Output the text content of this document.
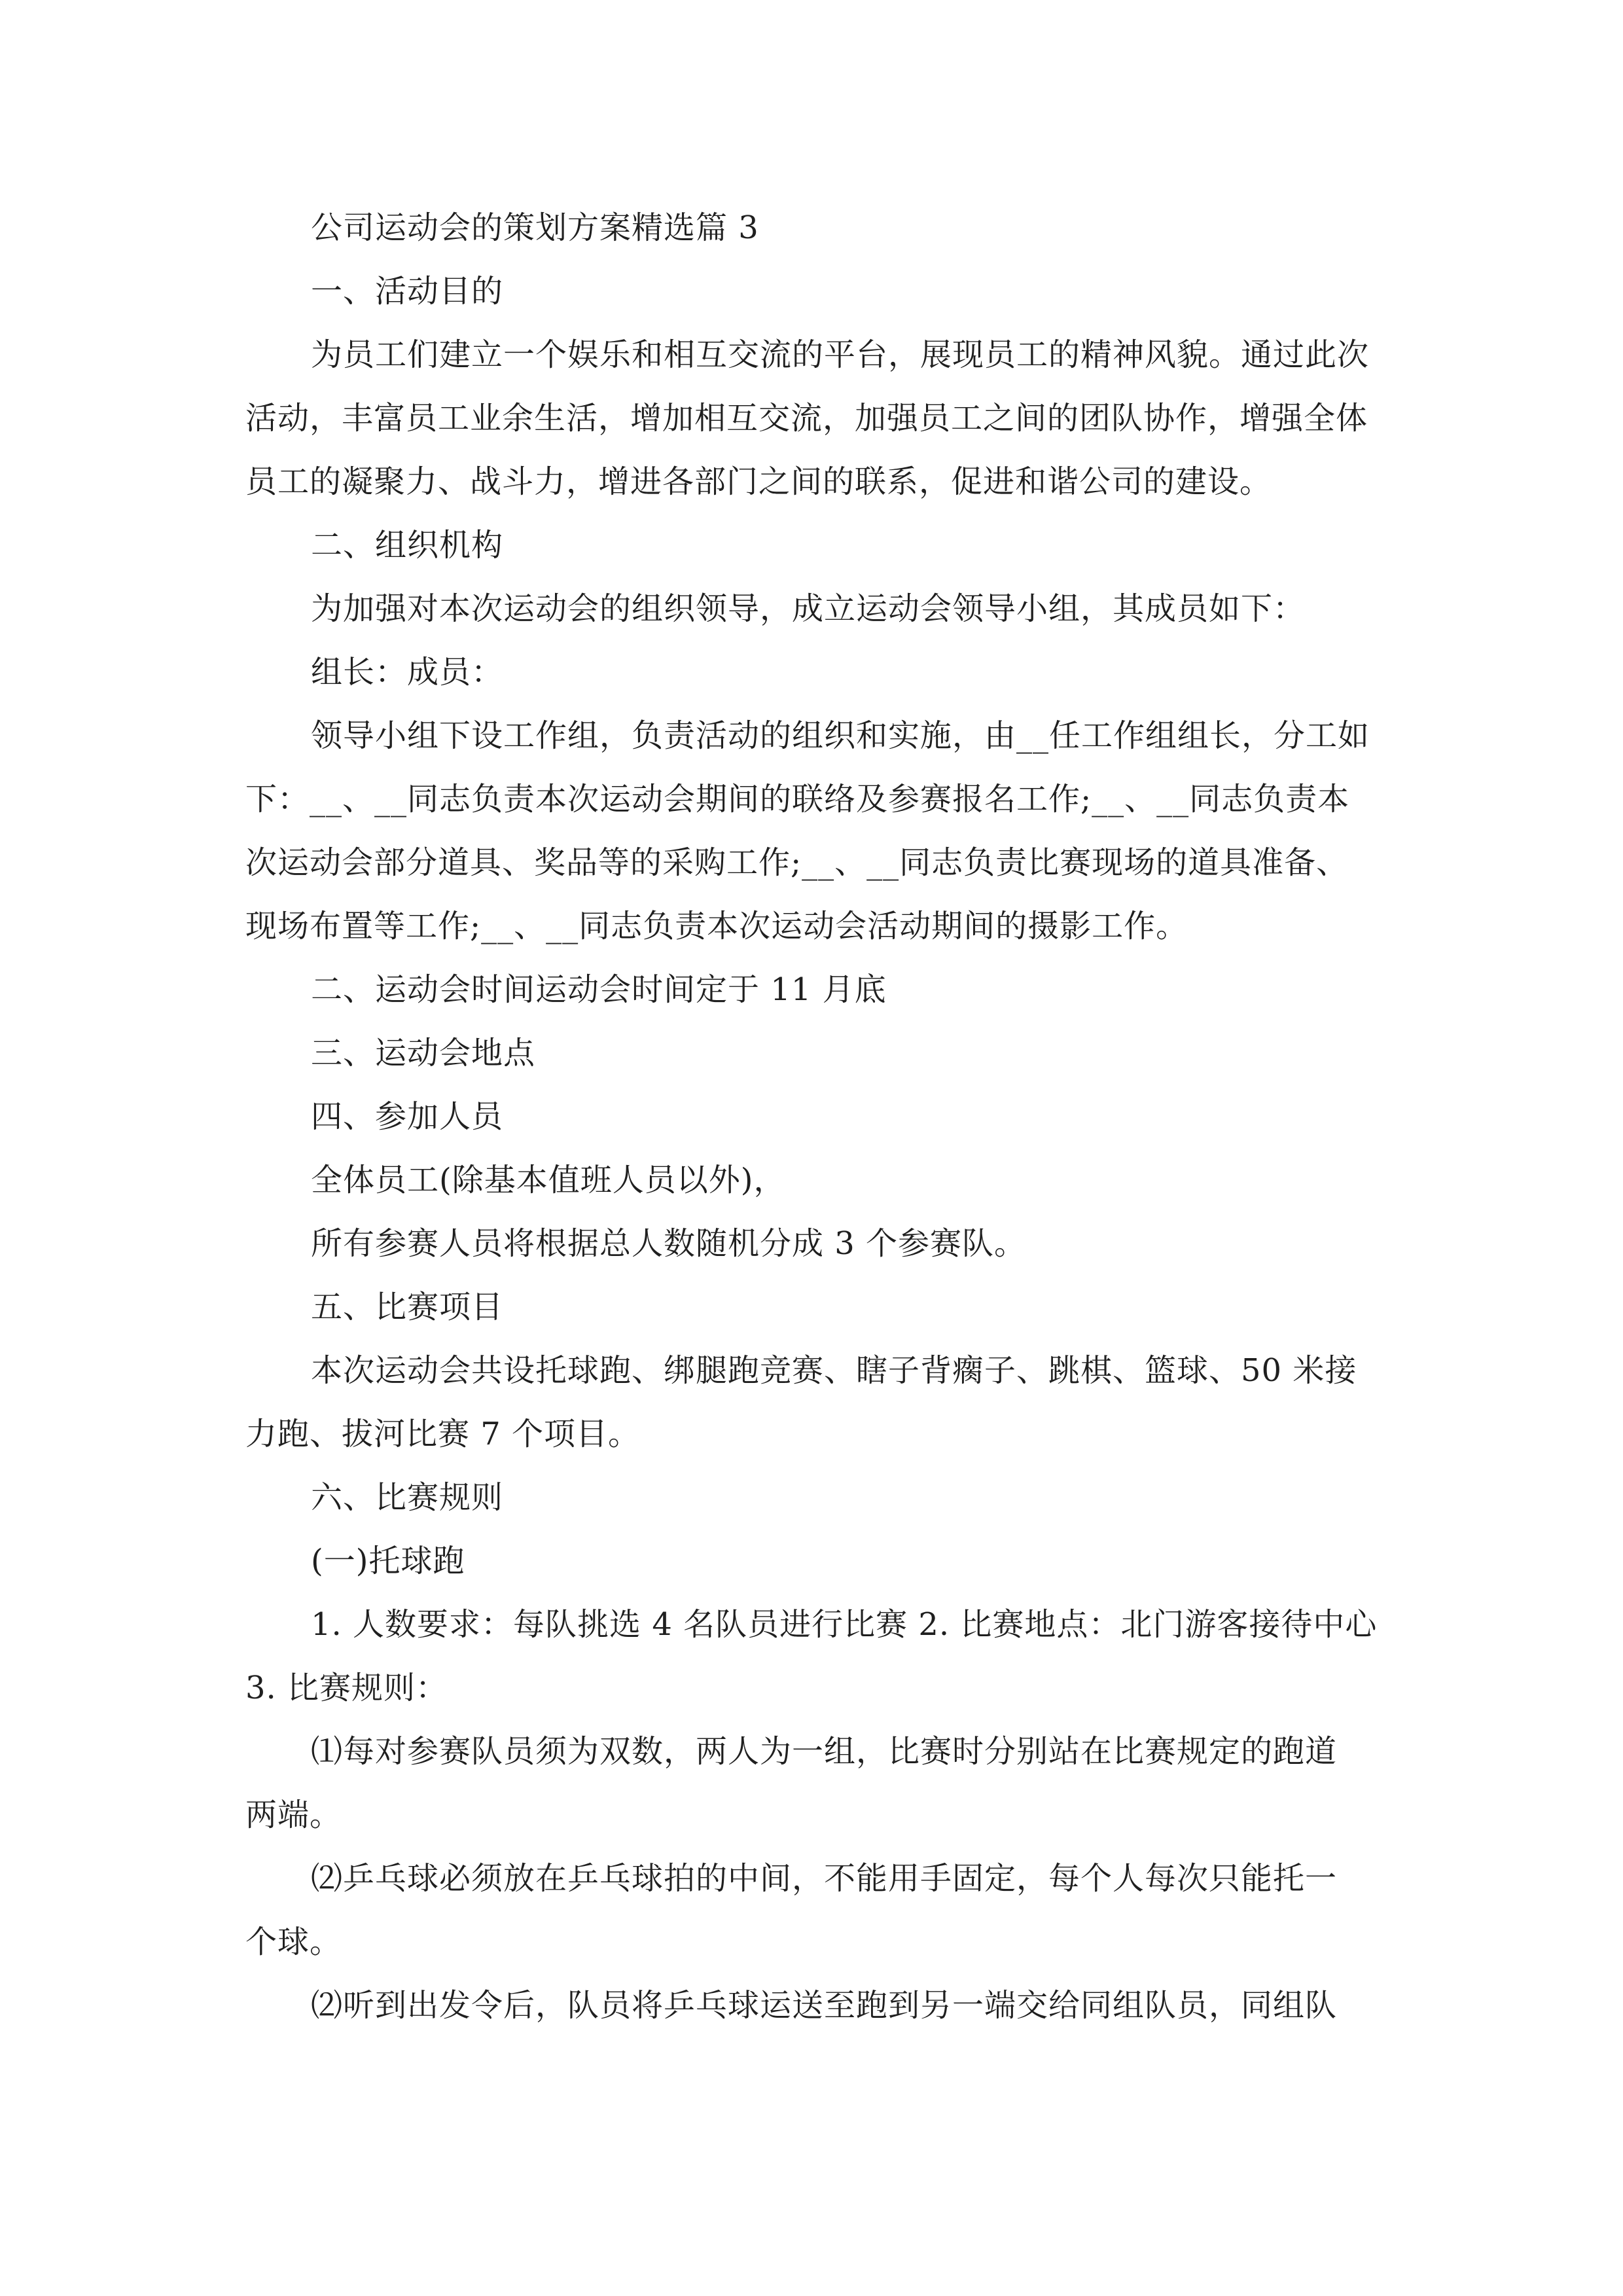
公司运动会的策划方案精选篇 3
一、活动目的
为员工们建立一个娱乐和相互交流的平台，展现员工的精神风貌。通过此次
活动，丰富员工业余生活，增加相互交流，加强员工之间的团队协作，增强全体
员工的凝聚力、战斗力，增进各部门之间的联系，促进和谐公司的建设。
二、组织机构
为加强对本次运动会的组织领导，成立运动会领导小组，其成员如下：
组长：成员：
领导小组下设工作组，负责活动的组织和实施，由__任工作组组长，分工如
下：__、__同志负责本次运动会期间的联络及参赛报名工作;__、__同志负责本
次运动会部分道具、奖品等的采购工作;__、__同志负责比赛现场的道具准备、
现场布置等工作;__、__同志负责本次运动会活动期间的摄影工作。
二、运动会时间运动会时间定于 11 月底
三、运动会地点
四、参加人员
全体员工(除基本值班人员以外)，
所有参赛人员将根据总人数随机分成 3 个参赛队。
五、比赛项目
本次运动会共设托球跑、绑腿跑竞赛、瞎子背瘸子、跳棋、篮球、50 米接
力跑、拔河比赛 7 个项目。
六、比赛规则
(一)托球跑
1. 人数要求：每队挑选 4 名队员进行比赛 2. 比赛地点：北门游客接待中心
3. 比赛规则：
⑴每对参赛队员须为双数，两人为一组，比赛时分别站在比赛规定的跑道
两端。
⑵乒乓球必须放在乒乓球拍的中间，不能用手固定，每个人每次只能托一
个球。
⑵听到出发令后，队员将乒乓球运送至跑到另一端交给同组队员，同组队
